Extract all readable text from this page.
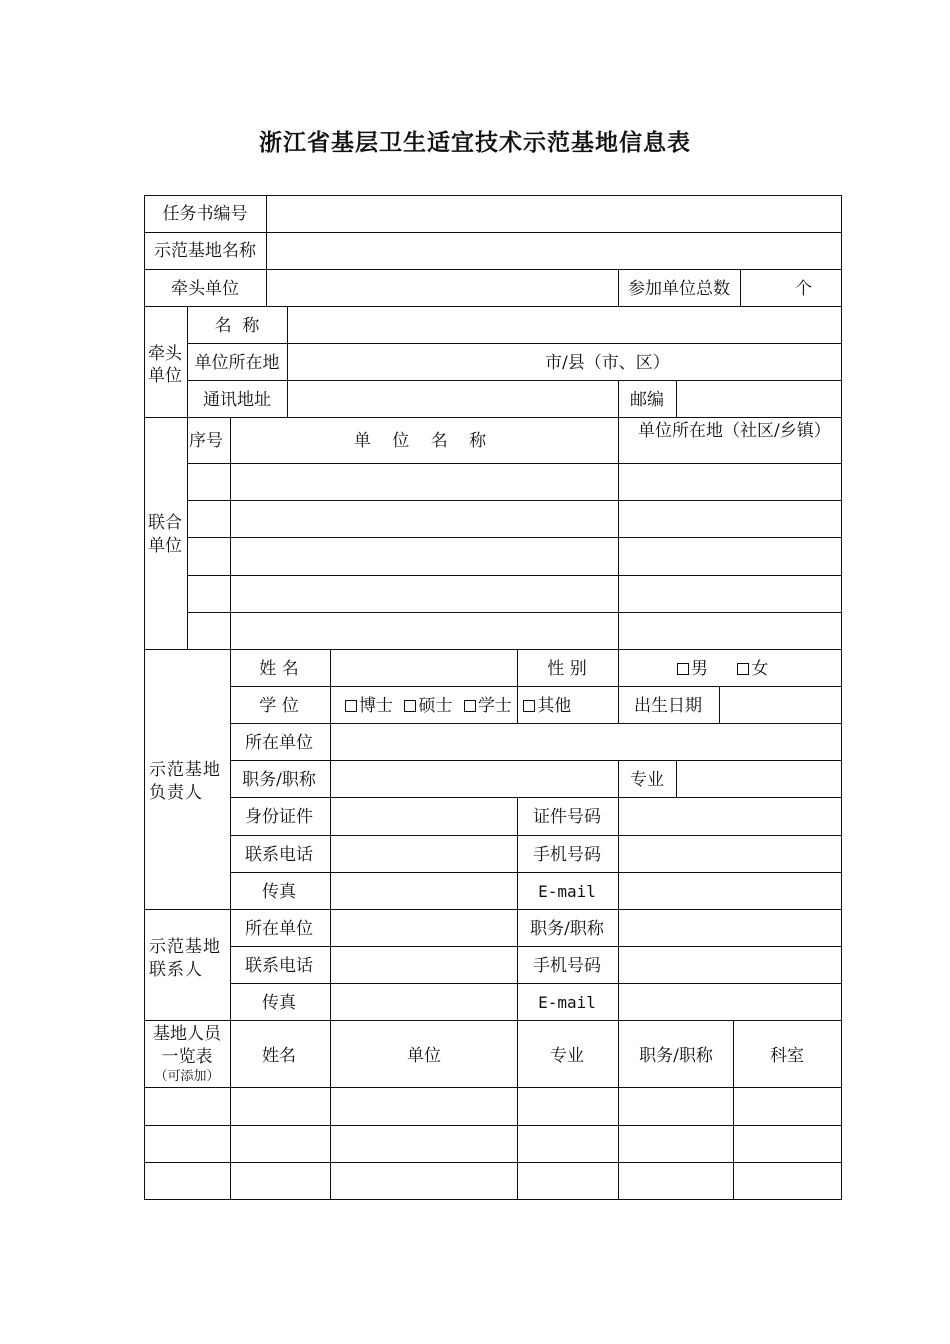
浙江省基层卫生适宜技术示范基地信息表
任务书编号
示范基地名称
牵头单位	参加单位总数	个
牵头单位
名  称
单位所在地	市/县（市、区）
通讯地址	邮编
联合单位
序号	单 位 名 称	单位所在地（社区/乡镇）
示范基地负责人
姓 名	性 别	男	女
学 位	博士 硕士 学士 其他	出生日期
所在单位
职务/职称	专业
身份证件	证件号码
联系电话	手机号码
传真	E-mail
示范基地联系人
所在单位	职务/职称
联系电话	手机号码
传真	E-mail
基地人员一览表
（可添加）
姓名	单位	专业	职务/职称	科室
